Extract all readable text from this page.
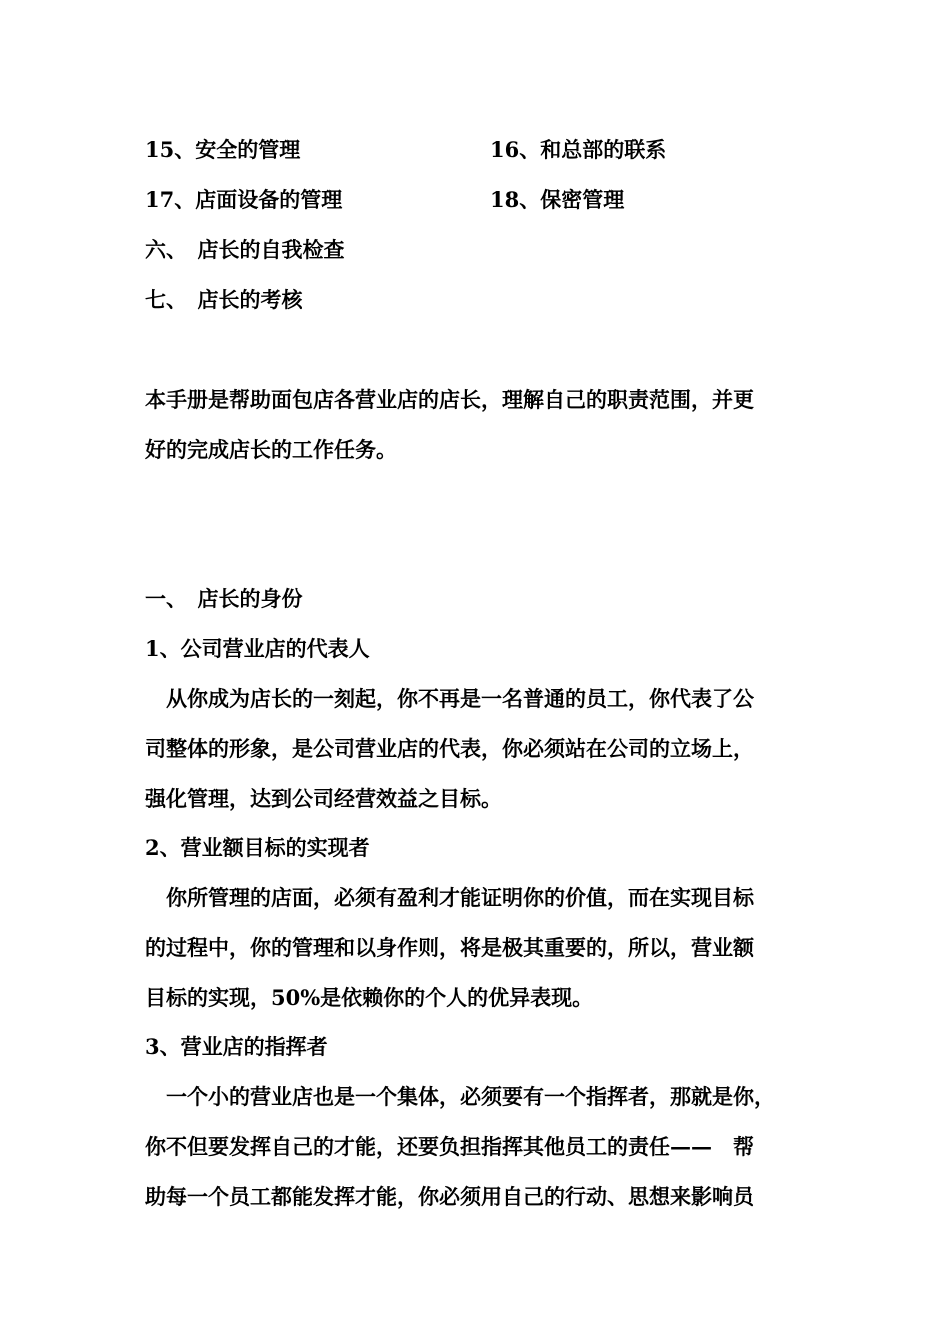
15、安全的管理	16、和总部的联系
17、店面设备的管理	18、保密管理
六、　店长的自我检查
七、　店长的考核
本手册是帮助面包店各营业店的店长，理解自己的职责范围，并更
好的完成店长的工作任务。
一、　店长的身份
1、公司营业店的代表人
　从你成为店长的一刻起，你不再是一名普通的员工，你代表了公
司整体的形象，是公司营业店的代表，你必须站在公司的立场上，
强化管理，达到公司经营效益之目标。
2、营业额目标的实现者
　你所管理的店面，必须有盈利才能证明你的价值，而在实现目标
的过程中，你的管理和以身作则，将是极其重要的，所以，营业额
目标的实现，50%是依赖你的个人的优异表现。
3、营业店的指挥者
　一个小的营业店也是一个集体，必须要有一个指挥者，那就是你，
你不但要发挥自己的才能，还要负担指挥其他员工的责任——　帮
助每一个员工都能发挥才能，你必须用自己的行动、思想来影响员
